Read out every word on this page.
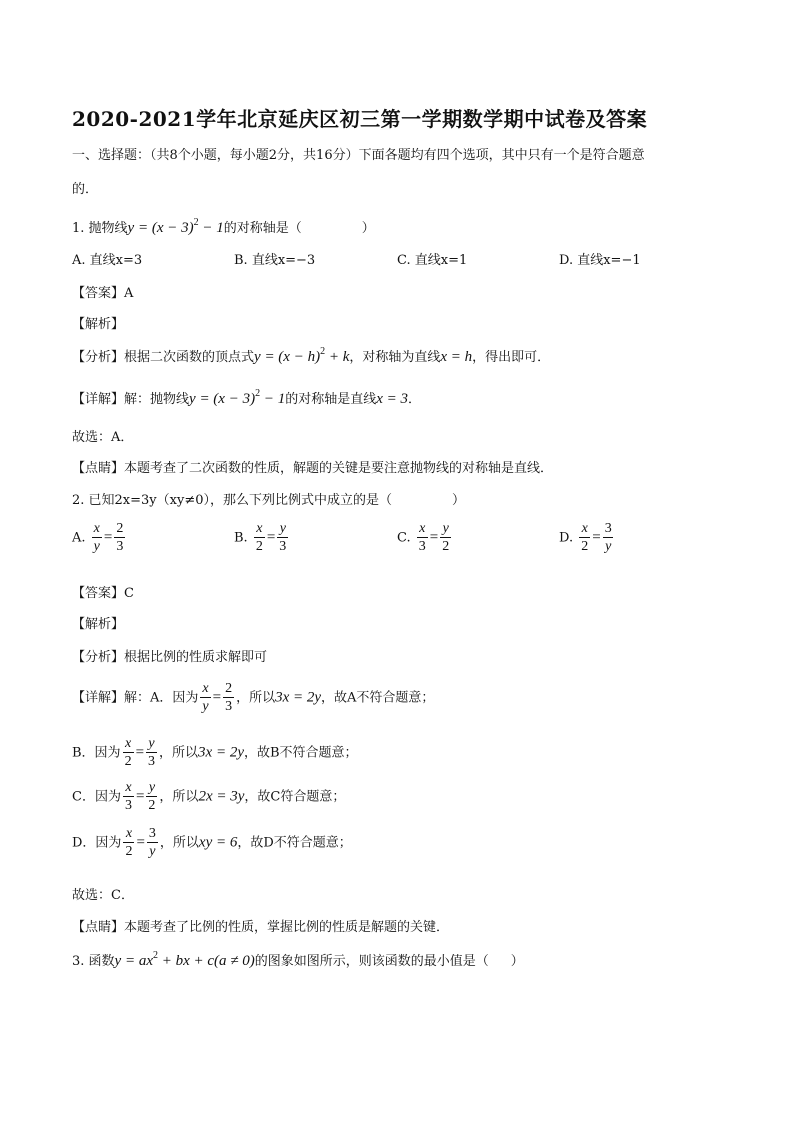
2020-2021学年北京延庆区初三第一学期数学期中试卷及答案
一、选择题：（共8个小题，每小题2分，共16分）下面各题均有四个选项，其中只有一个是符合题意
的．
1. 抛物线$y = (x - 3)^2 - 1$的对称轴是（	）
A. 直线x=3	B. 直线x=−3	C. 直线x=1	D. 直线x=−1
【答案】A
【解析】
【分析】根据二次函数的顶点式$y = (x - h)^2 + k$，对称轴为直线x = h，得出即可．
【详解】解：抛物线$y = (x - 3)^2 - 1$的对称轴是直线x = 3．
故选：A．
【点睛】本题考查了二次函数的性质，解题的关键是要注意抛物线的对称轴是直线．
2. 已知2x=3y（xy≠0），那么下列比例式中成立的是（	）
A. $\frac{x}{y} = \frac{2}{3}$	B. $\frac{x}{2} = \frac{y}{3}$	C. $\frac{x}{3} = \frac{y}{2}$	D. $\frac{x}{2} = \frac{3}{y}$
【答案】C
【解析】
【分析】根据比例的性质求解即可
【详解】解：A．因为 $\frac{x}{y} = \frac{2}{3}$ ，所以3x = 2y，故A不符合题意；
B．因为 $\frac{x}{2} = \frac{y}{3}$ ，所以3x = 2y，故B不符合题意；
C．因为 $\frac{x}{3} = \frac{y}{2}$ ，所以2x = 3y，故C符合题意；
D．因为 $\frac{x}{2} = \frac{3}{y}$ ，所以xy = 6，故D不符合题意；
故选：C．
【点睛】本题考查了比例的性质，掌握比例的性质是解题的关键．
3. 函数$y = ax^2$ + bx + c(a ≠ 0)的图象如图所示，则该函数的最小值是（ ）
